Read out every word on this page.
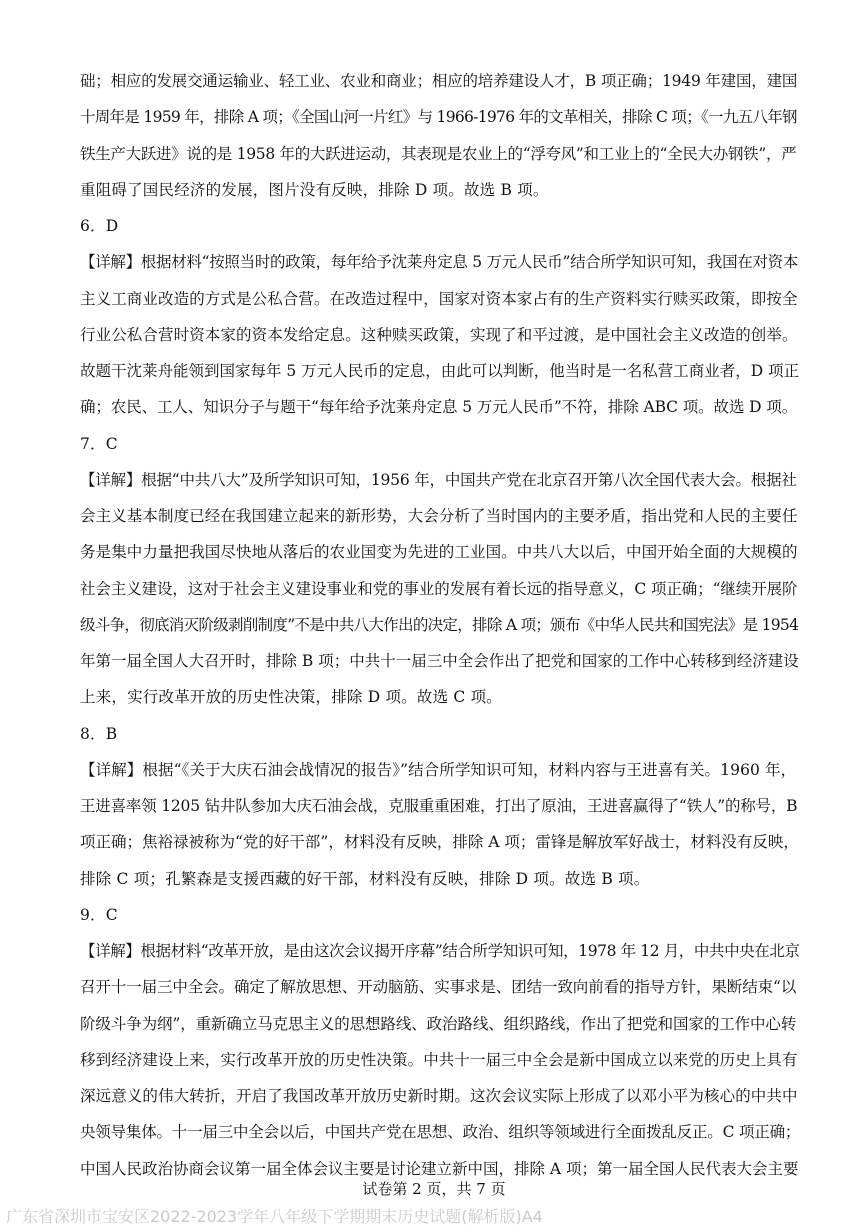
础；相应的发展交通运输业、轻工业、农业和商业；相应的培养建设人才，B 项正确；1949 年建国，建国
十周年是 1959 年，排除 A 项；《全国山河一片红》与 1966-1976 年的文革相关，排除 C 项；《一九五八年钢
铁生产大跃进》说的是 1958 年的大跃进运动，其表现是农业上的“浮夸风”和工业上的“全民大办钢铁”，严
重阻碍了国民经济的发展，图片没有反映，排除 D 项。故选 B 项。
6．D
【详解】根据材料“按照当时的政策，每年给予沈莱舟定息 5 万元人民币”结合所学知识可知，我国在对资本
主义工商业改造的方式是公私合营。在改造过程中，国家对资本家占有的生产资料实行赎买政策，即按全
行业公私合营时资本家的资本发给定息。这种赎买政策，实现了和平过渡，是中国社会主义改造的创举。
故题干沈莱舟能领到国家每年 5 万元人民币的定息，由此可以判断，他当时是一名私营工商业者，D 项正
确；农民、工人、知识分子与题干“每年给予沈莱舟定息 5 万元人民币”不符，排除 ABC 项。故选 D 项。
7．C
【详解】根据“中共八大”及所学知识可知，1956 年，中国共产党在北京召开第八次全国代表大会。根据社
会主义基本制度已经在我国建立起来的新形势，大会分析了当时国内的主要矛盾，指出党和人民的主要任
务是集中力量把我国尽快地从落后的农业国变为先进的工业国。中共八大以后，中国开始全面的大规模的
社会主义建设，这对于社会主义建设事业和党的事业的发展有着长远的指导意义，C 项正确；“继续开展阶
级斗争，彻底消灭阶级剥削制度”不是中共八大作出的决定，排除 A 项；颁布《中华人民共和国宪法》是 1954
年第一届全国人大召开时，排除 B 项；中共十一届三中全会作出了把党和国家的工作中心转移到经济建设
上来，实行改革开放的历史性决策，排除 D 项。故选 C 项。
8．B
【详解】根据“《关于大庆石油会战情况的报告》”结合所学知识可知，材料内容与王进喜有关。1960 年，
王进喜率领 1205 钻井队参加大庆石油会战，克服重重困难，打出了原油，王进喜赢得了“铁人”的称号，B
项正确；焦裕禄被称为“党的好干部”，材料没有反映，排除 A 项；雷锋是解放军好战士，材料没有反映，
排除 C 项；孔繁森是支援西藏的好干部，材料没有反映，排除 D 项。故选 B 项。
9．C
【详解】根据材料“改革开放，是由这次会议揭开序幕”结合所学知识可知，1978 年 12 月，中共中央在北京
召开十一届三中全会。确定了解放思想、开动脑筋、实事求是、团结一致向前看的指导方针，果断结束“以
阶级斗争为纲”，重新确立马克思主义的思想路线、政治路线、组织路线，作出了把党和国家的工作中心转
移到经济建设上来，实行改革开放的历史性决策。中共十一届三中全会是新中国成立以来党的历史上具有
深远意义的伟大转折，开启了我国改革开放历史新时期。这次会议实际上形成了以邓小平为核心的中共中
央领导集体。十一届三中全会以后，中国共产党在思想、政治、组织等领域进行全面拨乱反正。C 项正确；
中国人民政治协商会议第一届全体会议主要是讨论建立新中国，排除 A 项；第一届全国人民代表大会主要
试卷第 2 页，共 7 页
广东省深圳市宝安区2022-2023学年八年级下学期期末历史试题(解析版)A4
